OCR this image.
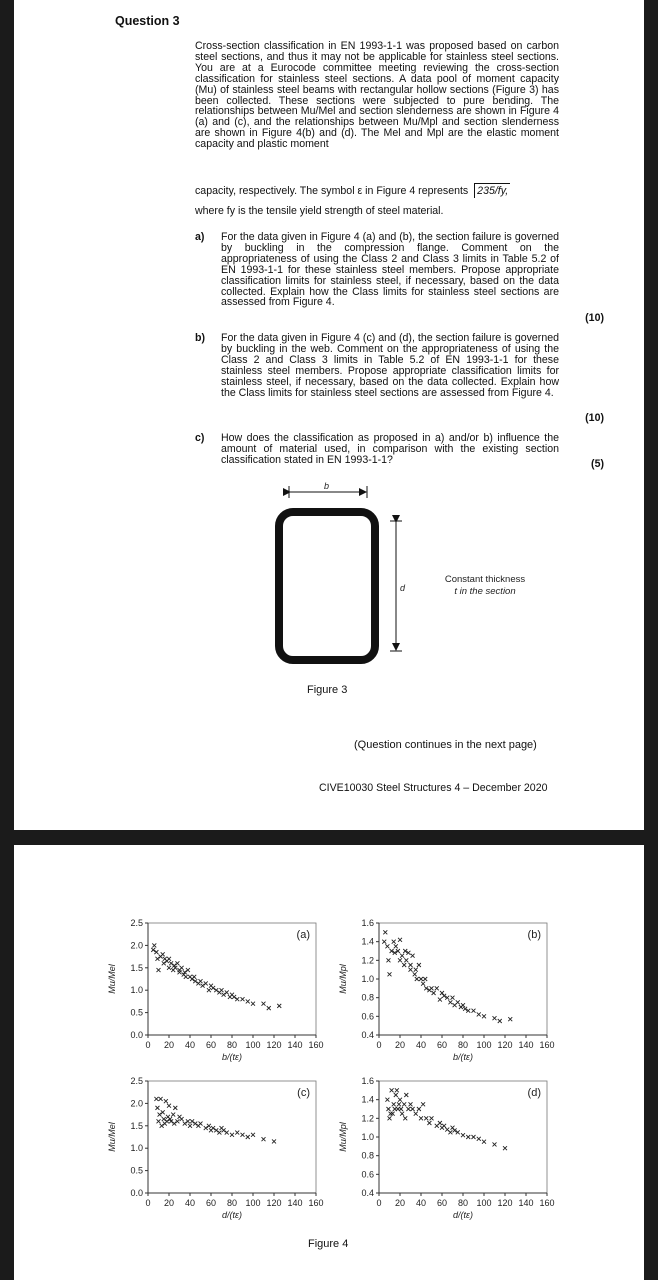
Question 3
Cross-section classification in EN 1993-1-1 was proposed based on carbon steel sections, and thus it may not be applicable for stainless steel sections. You are at a Eurocode committee meeting reviewing the cross-section classification for stainless steel sections. A data pool of moment capacity (Mu) of stainless steel beams with rectangular hollow sections (Figure 3) has been collected. These sections were subjected to pure bending. The relationships between Mu/Mel and section slenderness are shown in Figure 4 (a) and (c), and the relationships between Mu/Mpl and section slenderness are shown in Figure 4(b) and (d). The Mel and Mpl are the elastic moment capacity and plastic moment
capacity, respectively. The symbol ε in Figure 4 represents 235/fy,
where fy is the tensile yield strength of steel material.
a) For the data given in Figure 4 (a) and (b), the section failure is governed by buckling in the compression flange. Comment on the appropriateness of using the Class 2 and Class 3 limits in Table 5.2 of EN 1993-1-1 for these stainless steel members. Propose appropriate classification limits for stainless steel, if necessary, based on the data collected. Explain how the Class limits for stainless steel sections are assessed from Figure 4.
(10)
b) For the data given in Figure 4 (c) and (d), the section failure is governed by buckling in the web. Comment on the appropriateness of using the Class 2 and Class 3 limits in Table 5.2 of EN 1993-1-1 for these stainless steel members. Propose appropriate classification limits for stainless steel, if necessary, based on the data collected. Explain how the Class limits for stainless steel sections are assessed from Figure 4.
(10)
c) How does the classification as proposed in a) and/or b) influence the amount of material used, in comparison with the existing section classification stated in EN 1993-1-1?	(5)
b
d
Constant thickness
t in the section
Figure 3
(Question continues in the next page)
CIVE10030 Steel Structures 4 – December 2020
0.0
0.5
1.0
1.5
2.0
2.5
0 20 40 60 80 100 120 140 160
b/(tε)
Mu/Mel
(a)
0.4
0.6
0.8
1.0
1.2
1.4
1.6
0 20 40 60 80 100 120 140 160
b/(tε)
Mu/Mpl
(b)
0.0
0.5
1.0
1.5
2.0
2.5
0 20 40 60 80 100 120 140 160
d/(tε)
Mu/Mel
(c)
0.4
0.6
0.8
1.0
1.2
1.4
1.6
0 20 40 60 80 100 120 140 160
d/(tε)
Mu/Mpl
(d)
Figure 4
